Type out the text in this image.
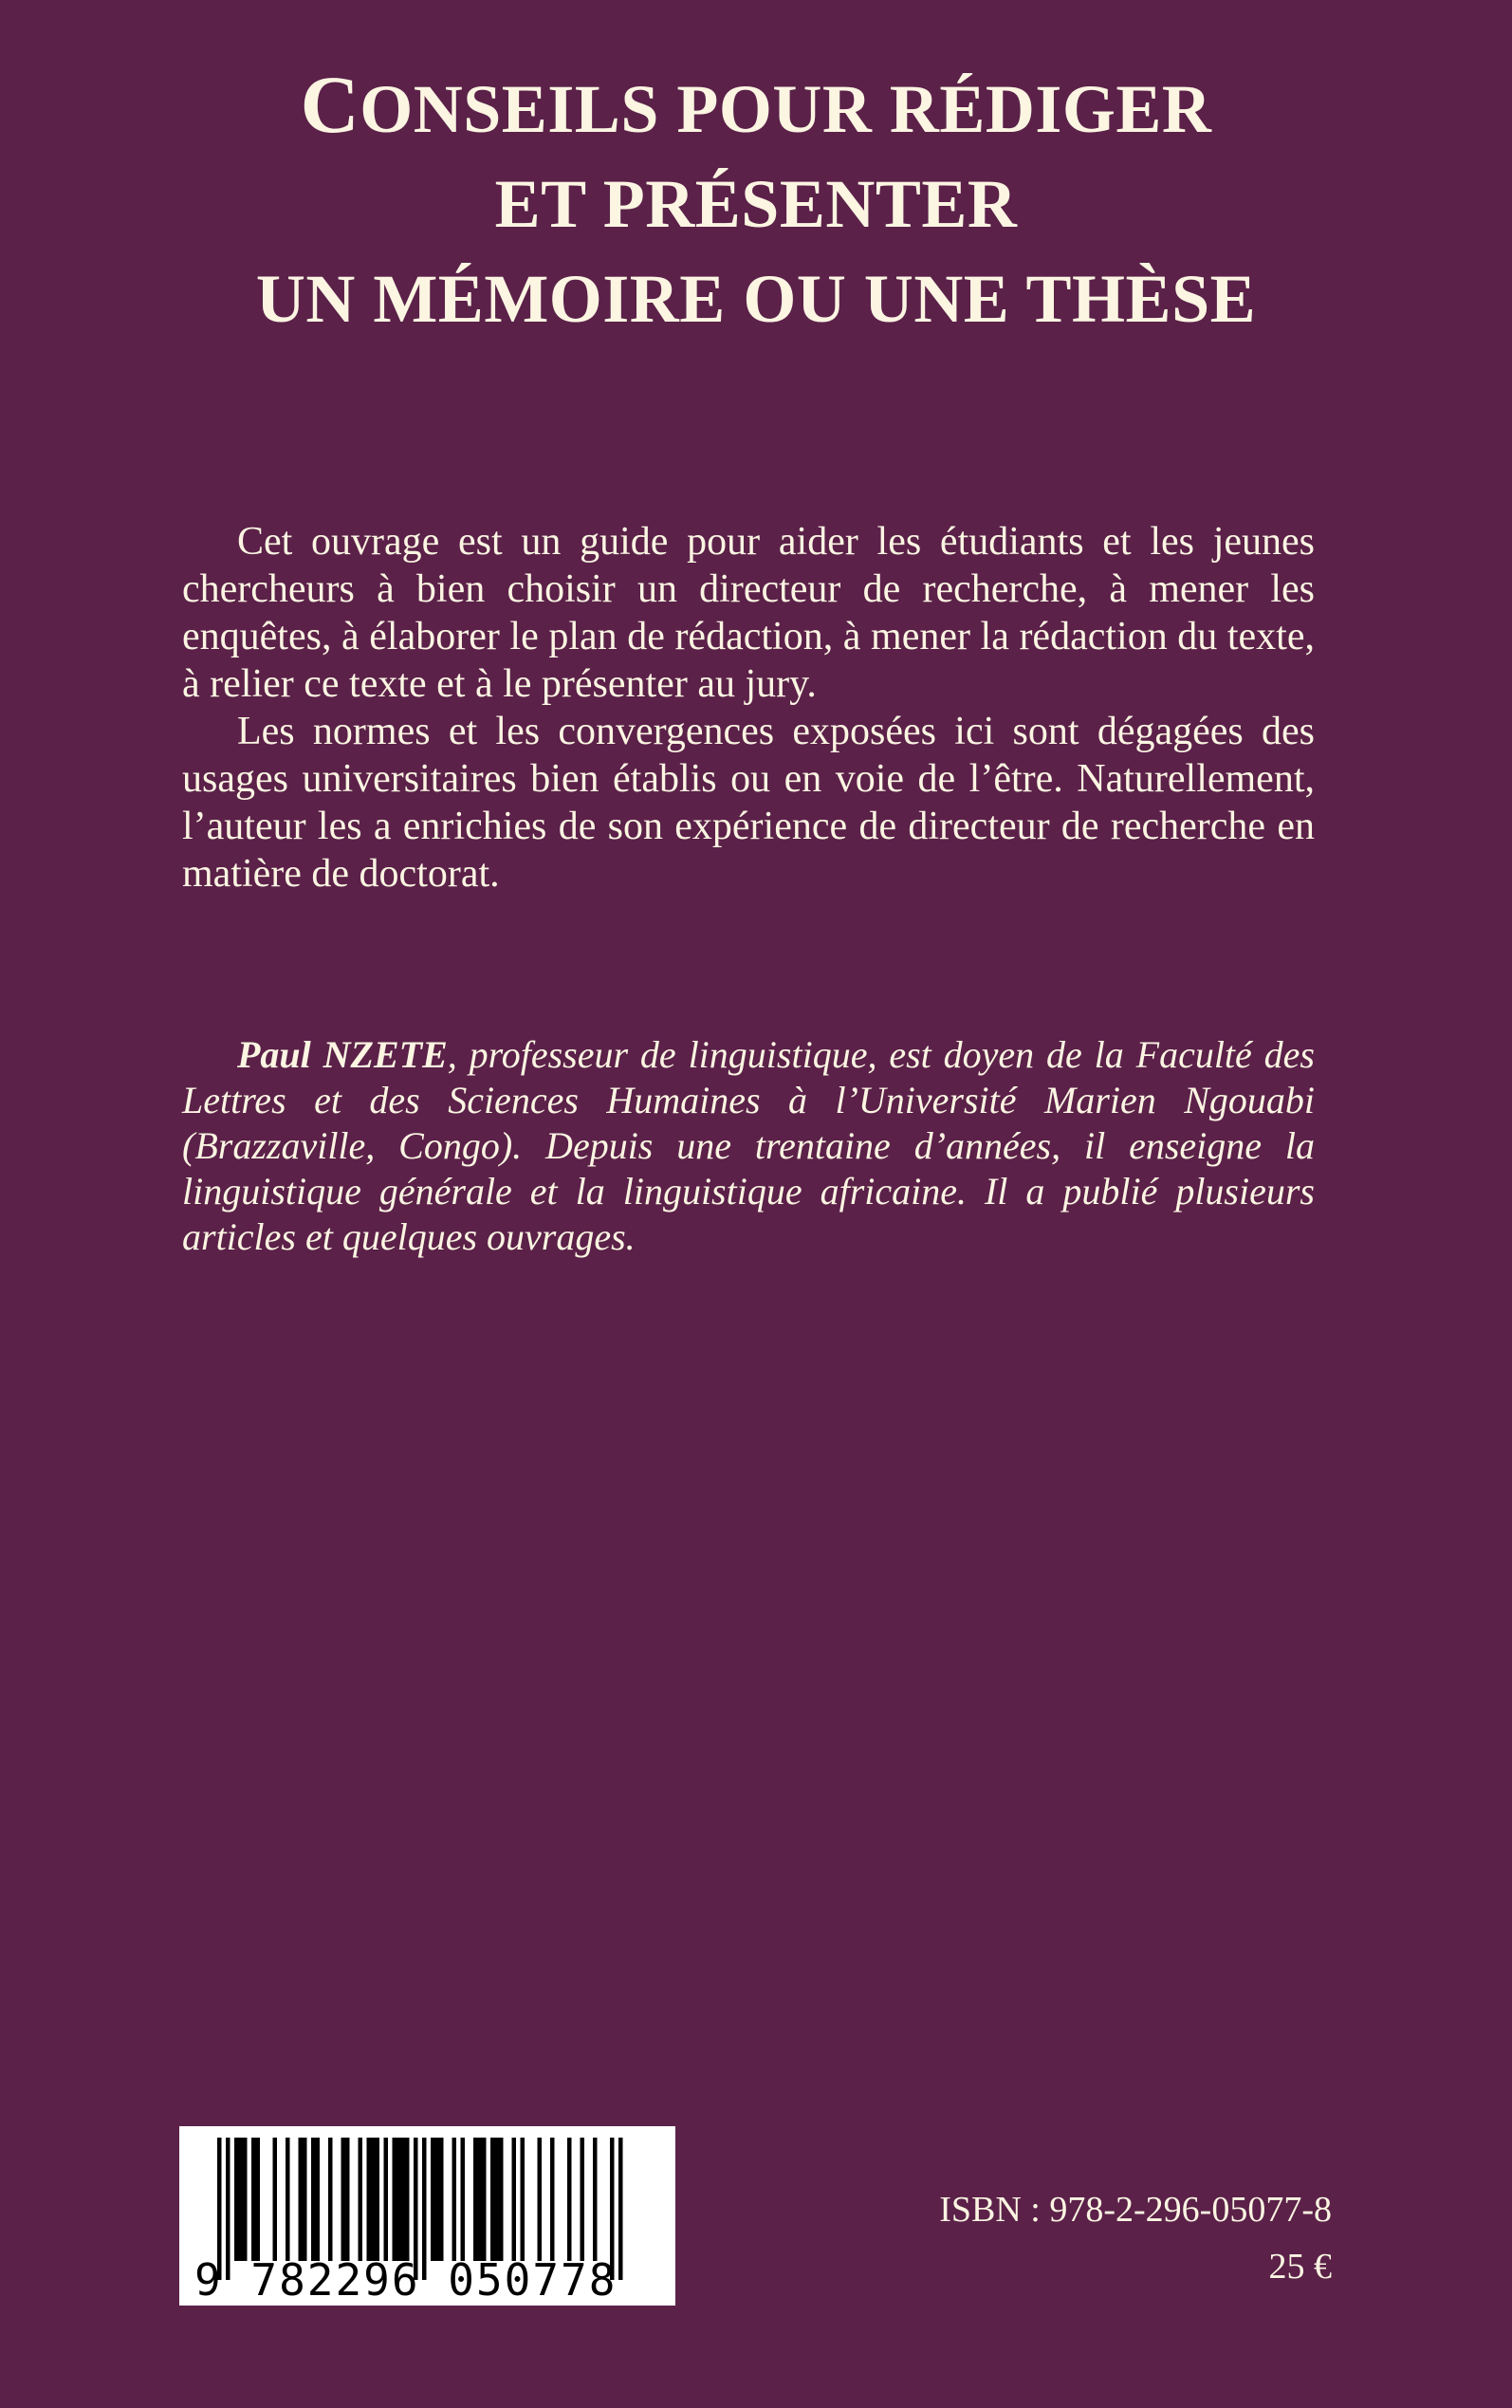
CONSEILS POUR RÉDIGER
ET PRÉSENTER
UN MÉMOIRE OU UNE THÈSE

Cet ouvrage est un guide pour aider les étudiants et les jeunes chercheurs à bien choisir un directeur de recherche, à mener les enquêtes, à élaborer le plan de rédaction, à mener la rédaction du texte, à relier ce texte et à le présenter au jury.

Les normes et les convergences exposées ici sont dégagées des usages universitaires bien établis ou en voie de l’être. Naturellement, l’auteur les a enrichies de son expérience de directeur de recherche en matière de doctorat.

Paul NZETE, professeur de linguistique, est doyen de la Faculté des Lettres et des Sciences Humaines à l’Université Marien Ngouabi (Brazzaville, Congo). Depuis une trentaine d’années, il enseigne la linguistique générale et la linguistique africaine. Il a publié plusieurs articles et quelques ouvrages.
9 782296 050778
ISBN : 978-2-296-05077-8
25 €
